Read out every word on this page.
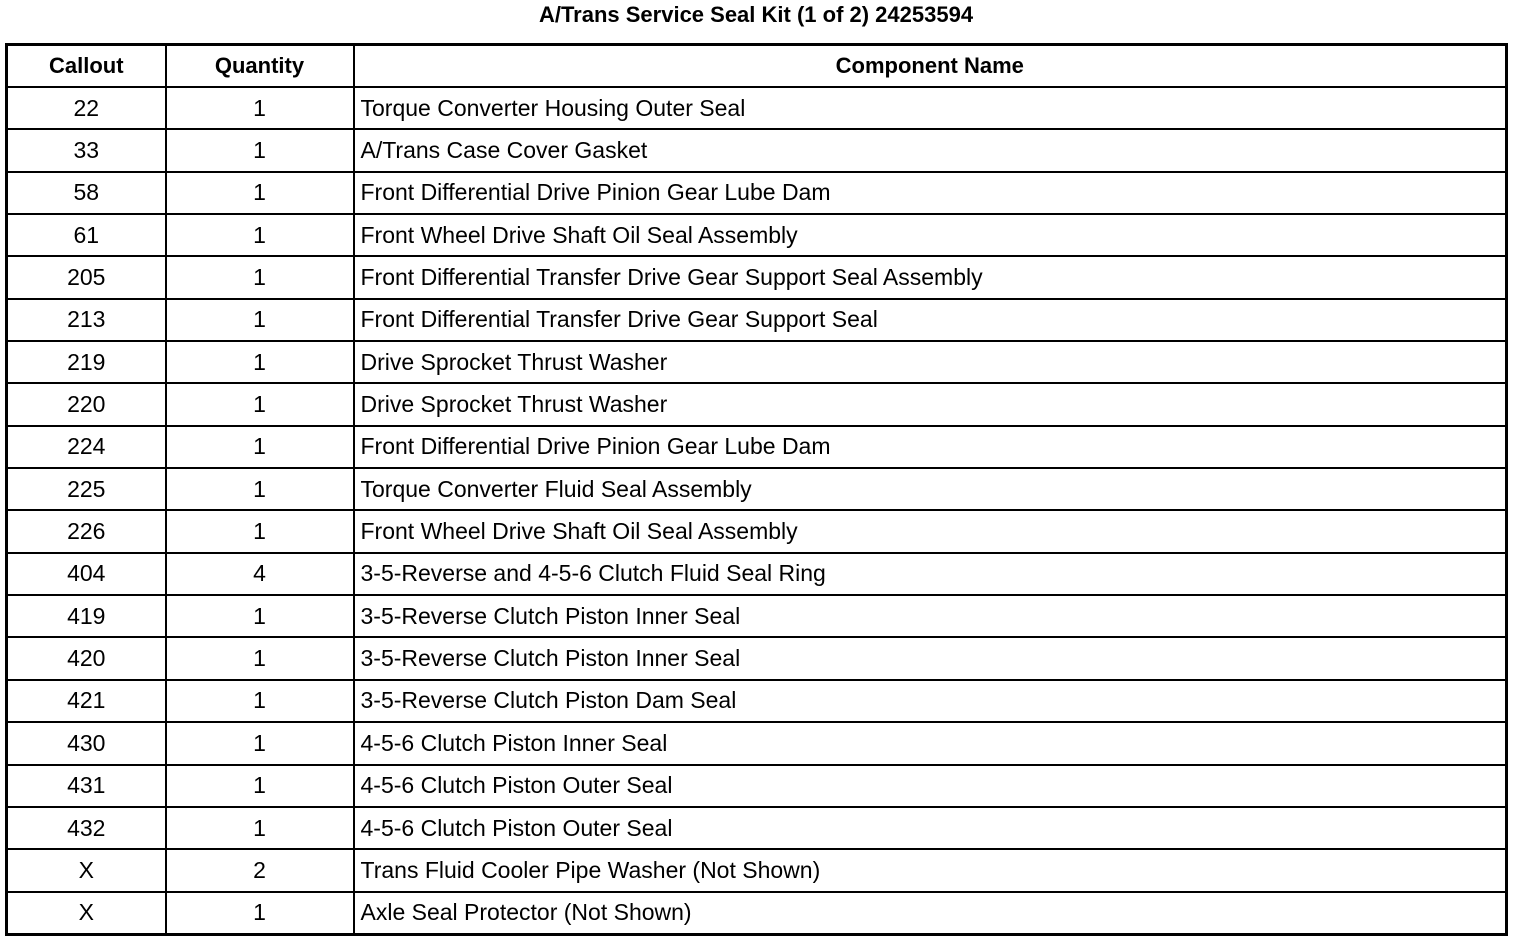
A/Trans Service Seal Kit (1 of 2) 24253594
Callout	Quantity	Component Name
22	1	Torque Converter Housing Outer Seal
33	1	A/Trans Case Cover Gasket
58	1	Front Differential Drive Pinion Gear Lube Dam
61	1	Front Wheel Drive Shaft Oil Seal Assembly
205	1	Front Differential Transfer Drive Gear Support Seal Assembly
213	1	Front Differential Transfer Drive Gear Support Seal
219	1	Drive Sprocket Thrust Washer
220	1	Drive Sprocket Thrust Washer
224	1	Front Differential Drive Pinion Gear Lube Dam
225	1	Torque Converter Fluid Seal Assembly
226	1	Front Wheel Drive Shaft Oil Seal Assembly
404	4	3-5-Reverse and 4-5-6 Clutch Fluid Seal Ring
419	1	3-5-Reverse Clutch Piston Inner Seal
420	1	3-5-Reverse Clutch Piston Inner Seal
421	1	3-5-Reverse Clutch Piston Dam Seal
430	1	4-5-6 Clutch Piston Inner Seal
431	1	4-5-6 Clutch Piston Outer Seal
432	1	4-5-6 Clutch Piston Outer Seal
X	2	Trans Fluid Cooler Pipe Washer (Not Shown)
X	1	Axle Seal Protector (Not Shown)
